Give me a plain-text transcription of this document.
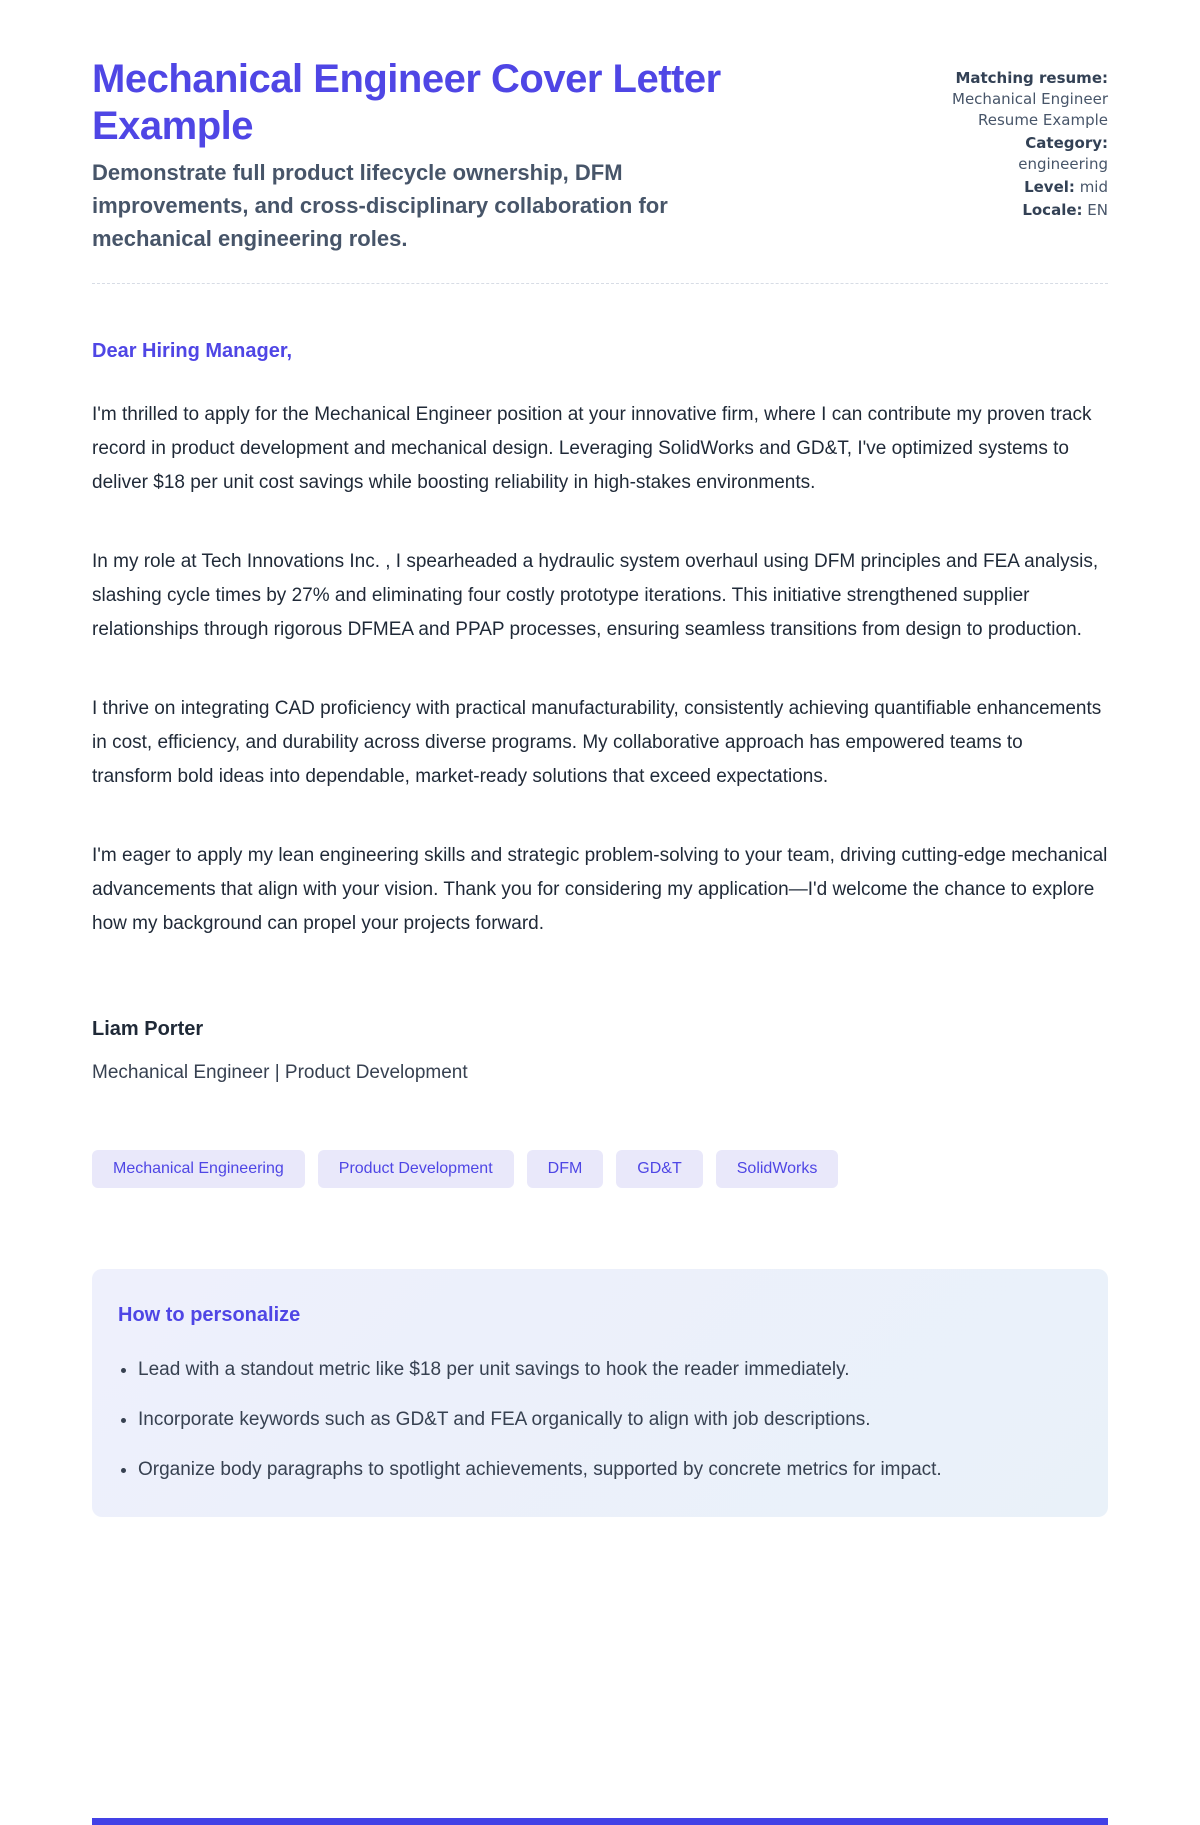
Mechanical Engineer Cover Letter Example

Demonstrate full product lifecycle ownership, DFM improvements, and cross-disciplinary collaboration for mechanical engineering roles.

Matching resume:
Mechanical Engineer Resume Example
Category:
engineering
Level: mid
Locale: EN

Dear Hiring Manager,

I'm thrilled to apply for the Mechanical Engineer position at your innovative firm, where I can contribute my proven track record in product development and mechanical design. Leveraging SolidWorks and GD&T, I've optimized systems to deliver $18 per unit cost savings while boosting reliability in high-stakes environments.

In my role at Tech Innovations Inc. , I spearheaded a hydraulic system overhaul using DFM principles and FEA analysis, slashing cycle times by 27% and eliminating four costly prototype iterations. This initiative strengthened supplier relationships through rigorous DFMEA and PPAP processes, ensuring seamless transitions from design to production.

I thrive on integrating CAD proficiency with practical manufacturability, consistently achieving quantifiable enhancements in cost, efficiency, and durability across diverse programs. My collaborative approach has empowered teams to transform bold ideas into dependable, market-ready solutions that exceed expectations.

I'm eager to apply my lean engineering skills and strategic problem-solving to your team, driving cutting-edge mechanical advancements that align with your vision. Thank you for considering my application—I'd welcome the chance to explore how my background can propel your projects forward.

Liam Porter

Mechanical Engineer | Product Development

Mechanical Engineering	Product Development	DFM	GD&T	SolidWorks
How to personalize
• Lead with a standout metric like $18 per unit savings to hook the reader immediately.
• Incorporate keywords such as GD&T and FEA organically to align with job descriptions.
• Organize body paragraphs to spotlight achievements, supported by concrete metrics for impact.
